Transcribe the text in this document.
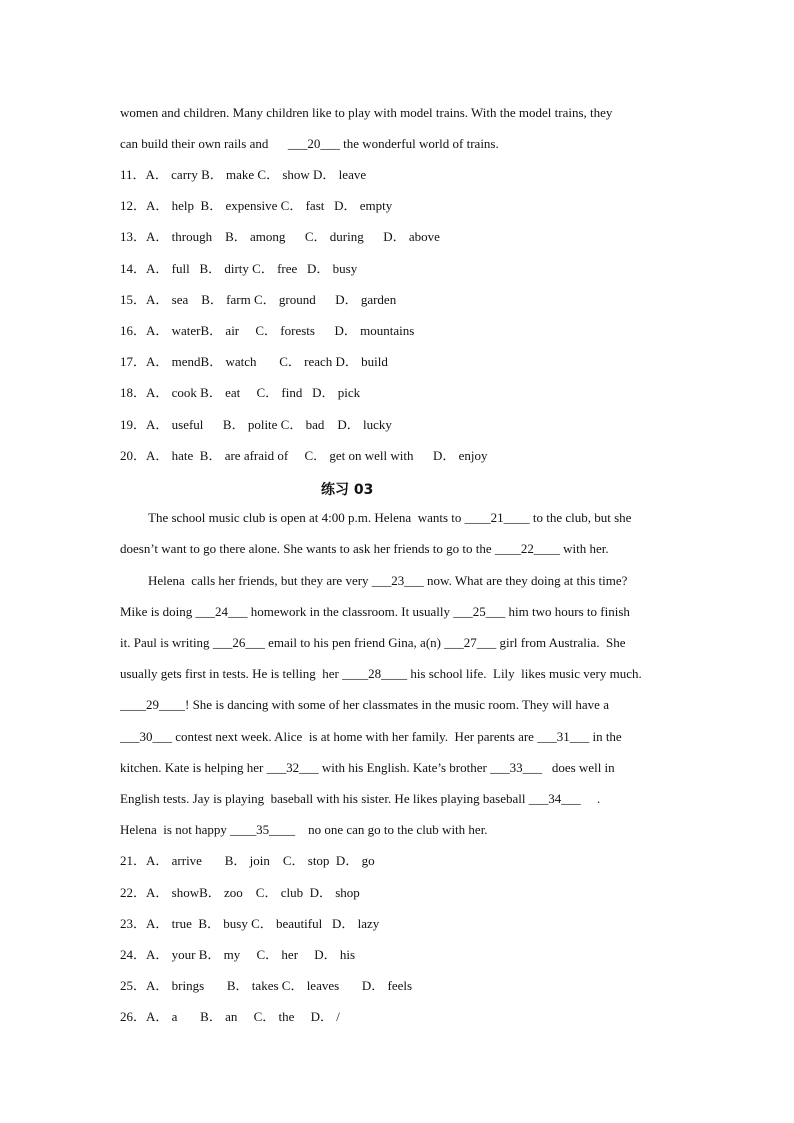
women and children. Many children like to play with model trains. With the model trains, they
can build their own rails and      ___20___ the wonderful world of trains.
11．A． carry B． make C． show D． leave
12．A． help  B． expensive C． fast   D． empty
13．A． through    B． among      C． during      D． above
14．A． full   B． dirty C． free   D． busy
15．A． sea    B． farm C． ground      D． garden
16．A． waterB． air     C． forests      D． mountains
17．A． mendB． watch       C． reach D． build
18．A． cook B． eat     C． find   D． pick
19．A． useful      B． polite C． bad    D． lucky
20．A． hate  B． are afraid of     C． get on well with      D． enjoy
练习 03
The school music club is open at 4:00 p.m. Helena  wants to ____21____ to the club, but she
doesn’t want to go there alone. She wants to ask her friends to go to the ____22____ with her.
Helena  calls her friends, but they are very ___23___ now. What are they doing at this time?
Mike is doing ___24___ homework in the classroom. It usually ___25___ him two hours to finish
it. Paul is writing ___26___ email to his pen friend Gina, a(n) ___27___ girl from Australia.  She
usually gets first in tests. He is telling  her ____28____ his school life.  Lily  likes music very much.
____29____! She is dancing with some of her classmates in the music room. They will have a
___30___ contest next week. Alice  is at home with her family.  Her parents are ___31___ in the
kitchen. Kate is helping her ___32___ with his English. Kate’s brother ___33___   does well in
English tests. Jay is playing  baseball with his sister. He likes playing baseball ___34___     .
Helena  is not happy ____35____    no one can go to the club with her.
21．A． arrive       B． join    C． stop  D． go
22．A． showB． zoo    C． club  D． shop
23．A． true  B． busy C． beautiful   D． lazy
24．A． your B． my     C． her     D． his
25．A． brings       B． takes C． leaves       D． feels
26．A． a       B． an     C． the     D． /
